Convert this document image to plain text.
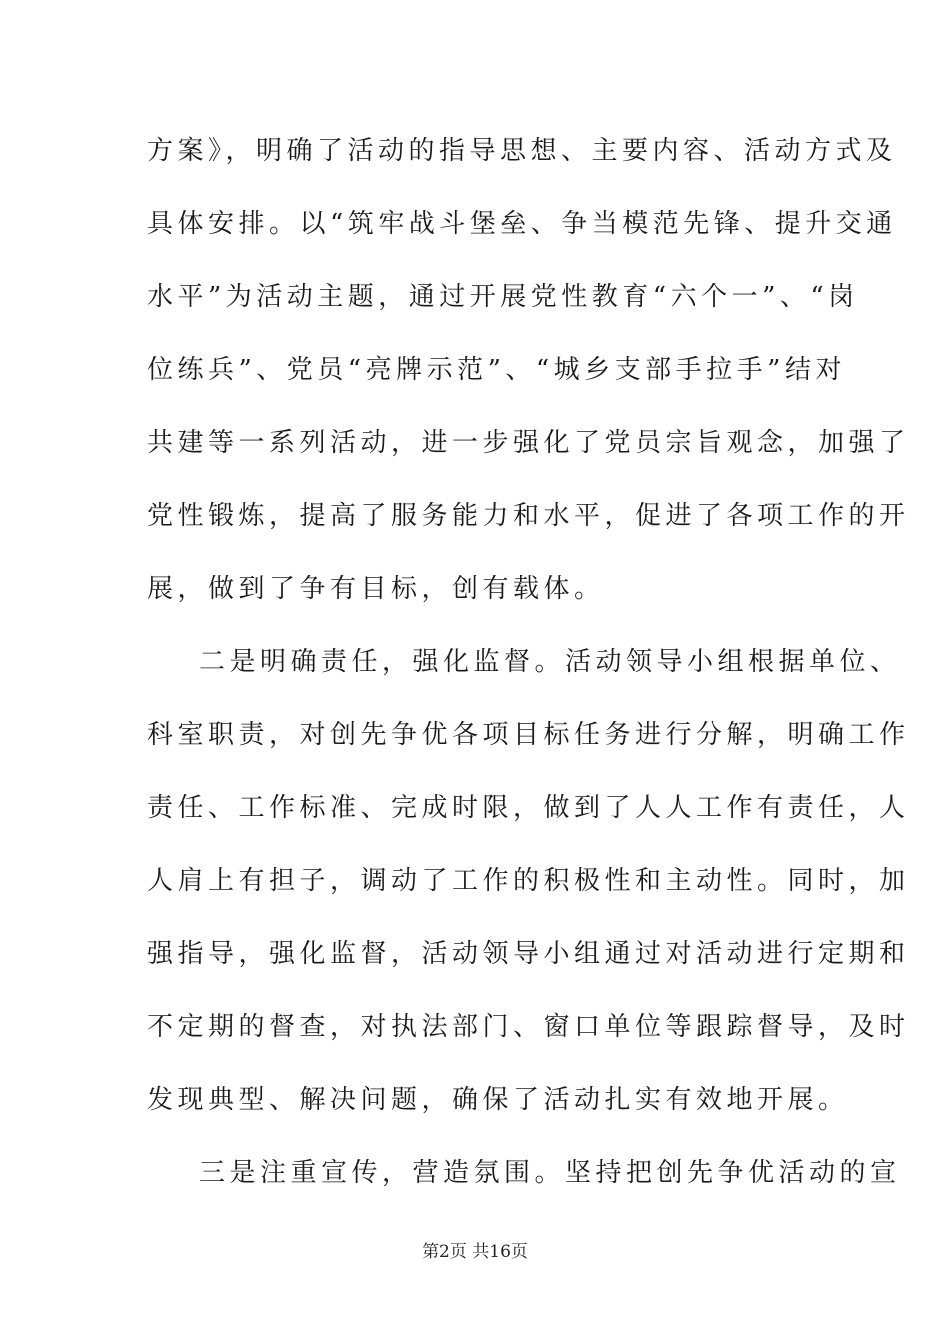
方案》，明确了活动的指导思想、主要内容、活动方式及
具体安排。以“筑牢战斗堡垒、争当模范先锋、提升交通
水平”为活动主题，通过开展党性教育“六个一”、“岗
位练兵”、党员“亮牌示范”、“城乡支部手拉手”结对
共建等一系列活动，进一步强化了党员宗旨观念，加强了
党性锻炼，提高了服务能力和水平，促进了各项工作的开
展，做到了争有目标，创有载体。
二是明确责任，强化监督。活动领导小组根据单位、
科室职责，对创先争优各项目标任务进行分解，明确工作
责任、工作标准、完成时限，做到了人人工作有责任，人
人肩上有担子，调动了工作的积极性和主动性。同时，加
强指导，强化监督，活动领导小组通过对活动进行定期和
不定期的督查，对执法部门、窗口单位等跟踪督导，及时
发现典型、解决问题，确保了活动扎实有效地开展。
三是注重宣传，营造氛围。坚持把创先争优活动的宣
第2页 共16页
